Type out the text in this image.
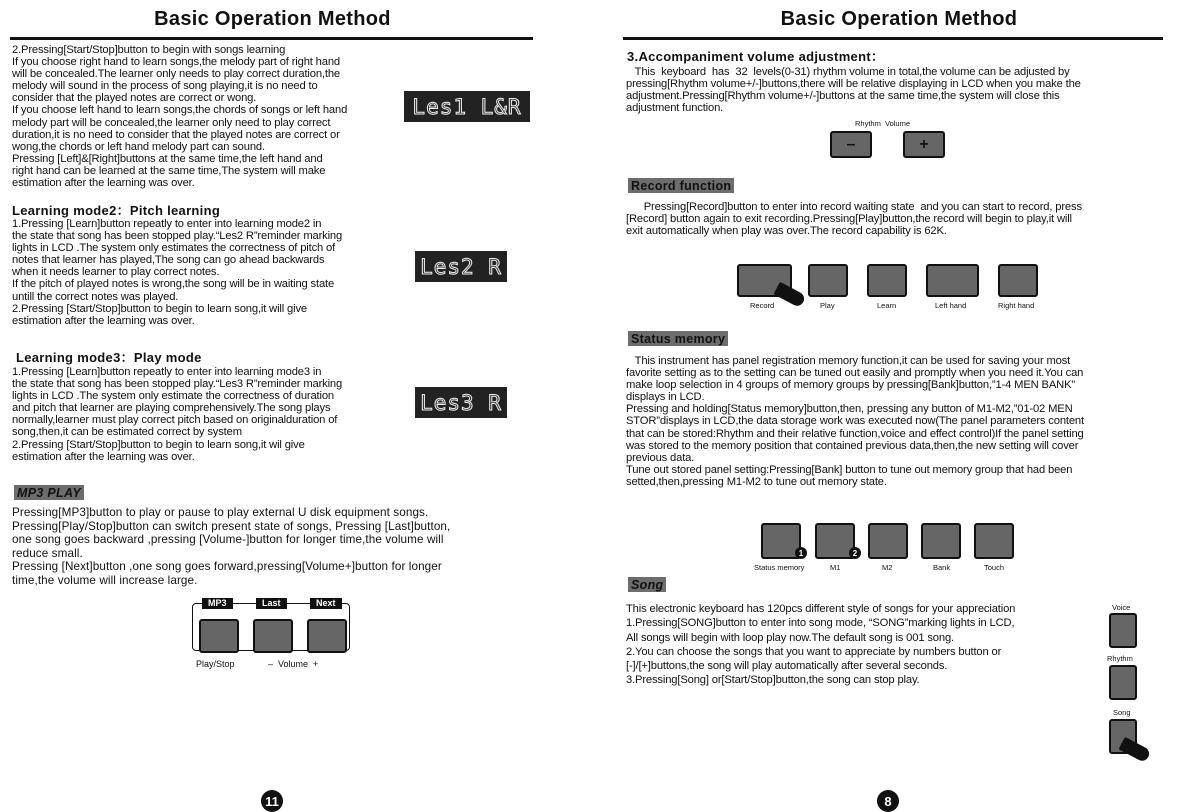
Basic Operation Method
2.Pressing[Start/Stop]button to begin with songs learning
If you choose right hand to learn songs,the melody part of right hand
will be concealed.The learner only needs to play correct duration,the
melody will sound in the process of song playing,it is no need to
consider that the played notes are correct or wong.
If you choose left hand to learn songs,the chords of songs or left hand
melody part will be concealed,the learner only need to play correct
duration,it is no need to consider that the played notes are correct or
wong,the chords or left hand melody part can sound.
Pressing [Left]&[Right]buttons at the same time,the left hand and
right hand can be learned at the same time,The system will make
estimation after the learning was over.
Les1 L&R
Learning mode2：Pitch learning
1.Pressing [Learn]button repeatly to enter into learning mode2 in
the state that song has been stopped play.“Les2 R”reminder marking
lights in LCD .The system only estimates the correctness of pitch of
notes that learner has played,The song can go ahead backwards
when it needs learner to play correct notes.
If the pitch of played notes is wrong,the song will be in waiting state
untill the correct notes was played.
2.Pressing [Start/Stop]button to begin to learn song,it will give
estimation after the learning was over.
Les2 R
Learning mode3：Play mode
1.Pressing [Learn]button repeatly to enter into learning mode3 in
the state that song has been stopped play.“Les3 R”reminder marking
lights in LCD .The system only estimate the correctness of duration
and pitch that learner are playing comprehensively.The song plays
normally,learner must play correct pitch based on originalduration of
song,then,it can be estimated correct by system
2.Pressing [Start/Stop]button to begin to learn song,it wil give
estimation after the learning was over.
Les3 R
MP3 PLAY
Pressing[MP3]button to play or pause to play external U disk equipment songs.
Pressing[Play/Stop]button can switch present state of songs, Pressing [Last]button,
one song goes backward ,pressing [Volume-]button for longer time,the volume will
reduce small.
Pressing [Next]button ,one song goes forward,pressing[Volume+]button for longer
time,the volume will increase large.
MP3	Last	Next
Play/Stop	–  Volume  +
11
Basic Operation Method
3.Accompaniment volume adjustment：
This  keyboard  has  32  levels(0-31) rhythm volume in total,the volume can be adjusted by
pressing[Rhythm volume+/-]buttons,there will be relative displaying in LCD when you make the
adjustment.Pressing[Rhythm volume+/-]buttons at the same time,the system will close this
adjustment function.
Rhythm  Volume
–	+
Record function
Pressing[Record]button to enter into record waiting state  and you can start to record, press
[Record] button again to exit recording.Pressing[Play]button,the record will begin to play,it will
exit automatically when play was over.The record capability is 62K.
Record	Play	Learn	Left hand	Right hand
Status memory
This instrument has panel registration memory function,it can be used for saving your most
favorite setting as to the setting can be tuned out easily and promptly when you need it.You can
make loop selection in 4 groups of memory groups by pressing[Bank]button,”1-4 MEN BANK”
displays in LCD.
Pressing and holding[Status memory]button,then, pressing any button of M1-M2,”01-02 MEN
STOR”displays in LCD,the data storage work was executed now(The panel parameters content
that can be stored:Rhythm and their relative function,voice and effect control)If the panel setting
was stored to the memory position that contained previous data,then,the new setting will cover
previous data.
Tune out stored panel setting:Pressing[Bank] button to tune out memory group that had been
setted,then,pressing M1-M2 to tune out memory state.
1	2
Status memory	M1	M2	Bank	Touch
Song
This electronic keyboard has 120pcs different style of songs for your appreciation
1.Pressing[SONG]button to enter into song mode, “SONG”marking lights in LCD,
All songs will begin with loop play now.The default song is 001 song.
2.You can choose the songs that you want to appreciate by numbers button or
[-]/[+]buttons,the song will play automatically after several seconds.
3.Pressing[Song] or[Start/Stop]button,the song can stop play.
Voice
Rhythm
Song
8
